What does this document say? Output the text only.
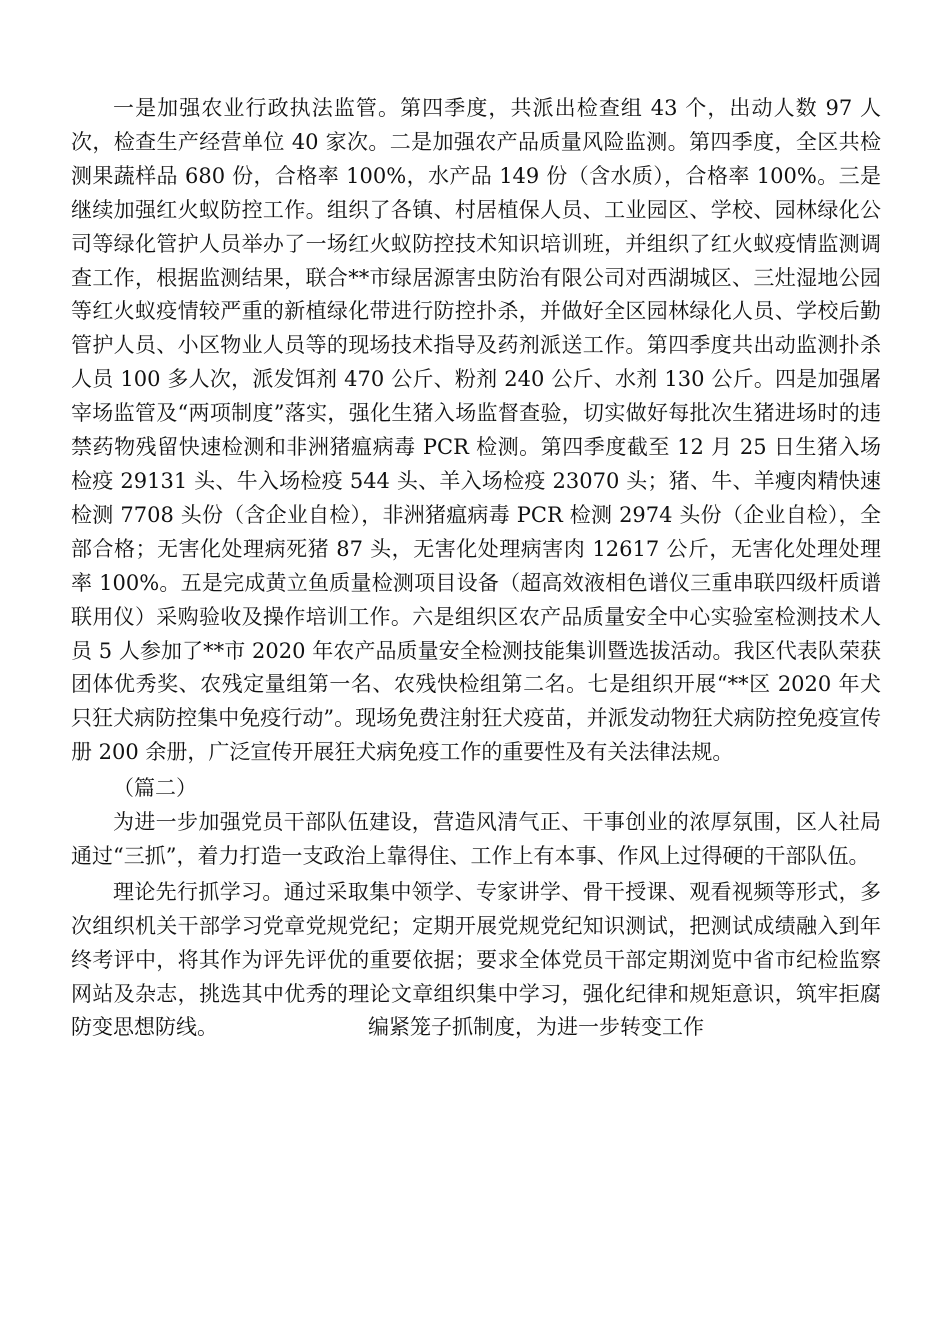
一是加强农业行政执法监管。第四季度，共派出检查组 43 个，出动人数 97 人次，检查生产经营单位 40 家次。二是加强农产品质量风险监测。第四季度，全区共检测果蔬样品 680 份，合格率 100%，水产品 149 份（含水质），合格率 100%。三是继续加强红火蚁防控工作。组织了各镇、村居植保人员、工业园区、学校、园林绿化公司等绿化管护人员举办了一场红火蚁防控技术知识培训班，并组织了红火蚁疫情监测调查工作，根据监测结果，联合**市绿居源害虫防治有限公司对西湖城区、三灶湿地公园等红火蚁疫情较严重的新植绿化带进行防控扑杀，并做好全区园林绿化人员、学校后勤管护人员、小区物业人员等的现场技术指导及药剂派送工作。第四季度共出动监测扑杀人员 100 多人次，派发饵剂 470 公斤、粉剂 240 公斤、水剂 130 公斤。四是加强屠宰场监管及“两项制度”落实，强化生猪入场监督查验，切实做好每批次生猪进场时的违禁药物残留快速检测和非洲猪瘟病毒 PCR 检测。第四季度截至 12 月 25 日生猪入场检疫 29131 头、牛入场检疫 544 头、羊入场检疫 23070 头；猪、牛、羊瘦肉精快速检测 7708 头份（含企业自检），非洲猪瘟病毒 PCR 检测 2974 头份（企业自检），全部合格；无害化处理病死猪 87 头，无害化处理病害肉 12617 公斤，无害化处理处理率 100%。五是完成黄立鱼质量检测项目设备（超高效液相色谱仪三重串联四级杆质谱联用仪）采购验收及操作培训工作。六是组织区农产品质量安全中心实验室检测技术人员 5 人参加了**市 2020 年农产品质量安全检测技能集训暨选拔活动。我区代表队荣获团体优秀奖、农残定量组第一名、农残快检组第二名。七是组织开展“**区 2020 年犬只狂犬病防控集中免疫行动”。现场免费注射狂犬疫苗，并派发动物狂犬病防控免疫宣传册 200 余册，广泛宣传开展狂犬病免疫工作的重要性及有关法律法规。

（篇二）

为进一步加强党员干部队伍建设，营造风清气正、干事创业的浓厚氛围，区人社局通过“三抓”，着力打造一支政治上靠得住、工作上有本事、作风上过得硬的干部队伍。

理论先行抓学习。通过采取集中领学、专家讲学、骨干授课、观看视频等形式，多次组织机关干部学习党章党规党纪；定期开展党规党纪知识测试，把测试成绩融入到年终考评中，将其作为评先评优的重要依据；要求全体党员干部定期浏览中省市纪检监察网站及杂志，挑选其中优秀的理论文章组织集中学习，强化纪律和规矩意识，筑牢拒腐防变思想防线。	编紧笼子抓制度，为进一步转变工作
